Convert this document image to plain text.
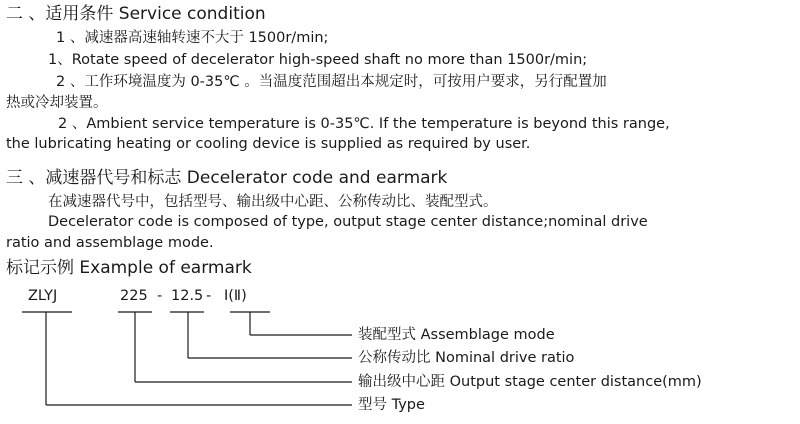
二 、适用条件 Service condition
1 、减速器高速轴转速不大于 1500r/min;
1、Rotate speed of decelerator high-speed shaft no more than 1500r/min;
2 、工作环境温度为 0-35℃ 。当温度范围超出本规定时，可按用户要求，另行配置加
热或冷却装置。
2 、Ambient service temperature is 0-35℃. If the temperature is beyond this range,
the lubricating heating or cooling device is supplied as required by user.
三 、减速器代号和标志 Decelerator code and earmark
在减速器代号中，包括型号、输出级中心距、公称传动比、装配型式。
Decelerator code is composed of type, output stage center distance;nominal drive
ratio and assemblage mode.
标记示例 Example of earmark
ZLYJ	225 - 12.5 - Ⅰ(Ⅱ)
装配型式 Assemblage mode
公称传动比 Nominal drive ratio
输出级中心距 Output stage center distance(mm)
型号 Type
